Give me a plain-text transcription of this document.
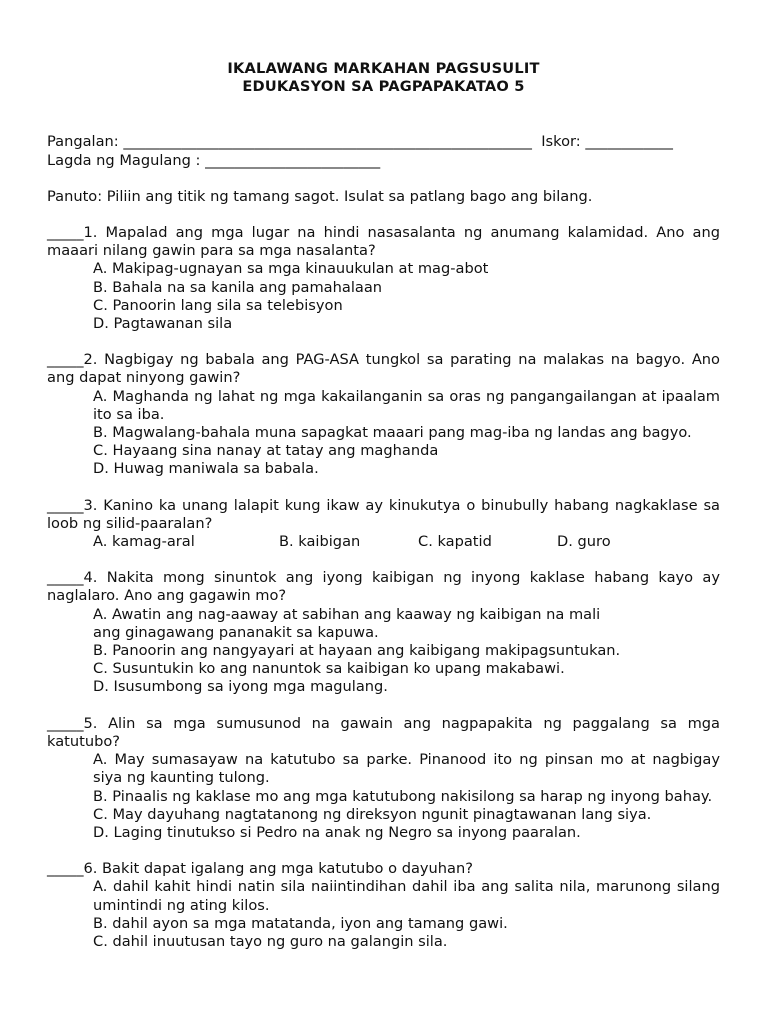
IKALAWANG MARKAHAN PAGSUSULIT
EDUKASYON SA PAGPAPAKATAO 5
Pangalan: ________________________________________________________  Iskor: ____________
Lagda ng Magulang : ________________________
Panuto: Piliin ang titik ng tamang sagot. Isulat sa patlang bago ang bilang.
_____1. Mapalad ang mga lugar na hindi nasasalanta ng anumang kalamidad. Ano ang maaari nilang gawin para sa mga nasalanta?
A. Makipag-ugnayan sa mga kinauukulan at mag-abot
B. Bahala na sa kanila ang pamahalaan
C. Panoorin lang sila sa telebisyon
D. Pagtawanan sila
_____2. Nagbigay ng babala ang PAG-ASA tungkol sa parating na malakas na bagyo. Ano ang dapat ninyong gawin?
A. Maghanda ng lahat ng mga kakailanganin sa oras ng pangangailangan at ipaalam ito sa iba.
B. Magwalang-bahala muna sapagkat maaari pang mag-iba ng landas ang bagyo.
C. Hayaang sina nanay at tatay ang maghanda
D. Huwag maniwala sa babala.
_____3. Kanino ka unang lalapit kung ikaw ay kinukutya o binubully habang nagkaklase sa loob ng silid-paaralan?
A. kamag-aral	B. kaibigan	C. kapatid	D. guro
_____4. Nakita mong sinuntok ang iyong kaibigan ng inyong kaklase habang kayo ay naglalaro. Ano ang gagawin mo?
A. Awatin ang nag-aaway at sabihan ang kaaway ng kaibigan na mali
ang ginagawang pananakit sa kapuwa.
B. Panoorin ang nangyayari at hayaan ang kaibigang makipagsuntukan.
C. Susuntukin ko ang nanuntok sa kaibigan ko upang makabawi.
D. Isusumbong sa iyong mga magulang.
_____5. Alin sa mga sumusunod na gawain ang nagpapakita ng paggalang sa mga katutubo?
A. May sumasayaw na katutubo sa parke. Pinanood ito ng pinsan mo at nagbigay siya ng kaunting tulong.
B. Pinaalis ng kaklase mo ang mga katutubong nakisilong sa harap ng inyong bahay.
C. May dayuhang nagtatanong ng direksyon ngunit pinagtawanan lang siya.
D. Laging tinutukso si Pedro na anak ng Negro sa inyong paaralan.
_____6. Bakit dapat igalang ang mga katutubo o dayuhan?
A. dahil kahit hindi natin sila naiintindihan dahil iba ang salita nila, marunong silang umintindi ng ating kilos.
B. dahil ayon sa mga matatanda, iyon ang tamang gawi.
C. dahil inuutusan tayo ng guro na galangin sila.
